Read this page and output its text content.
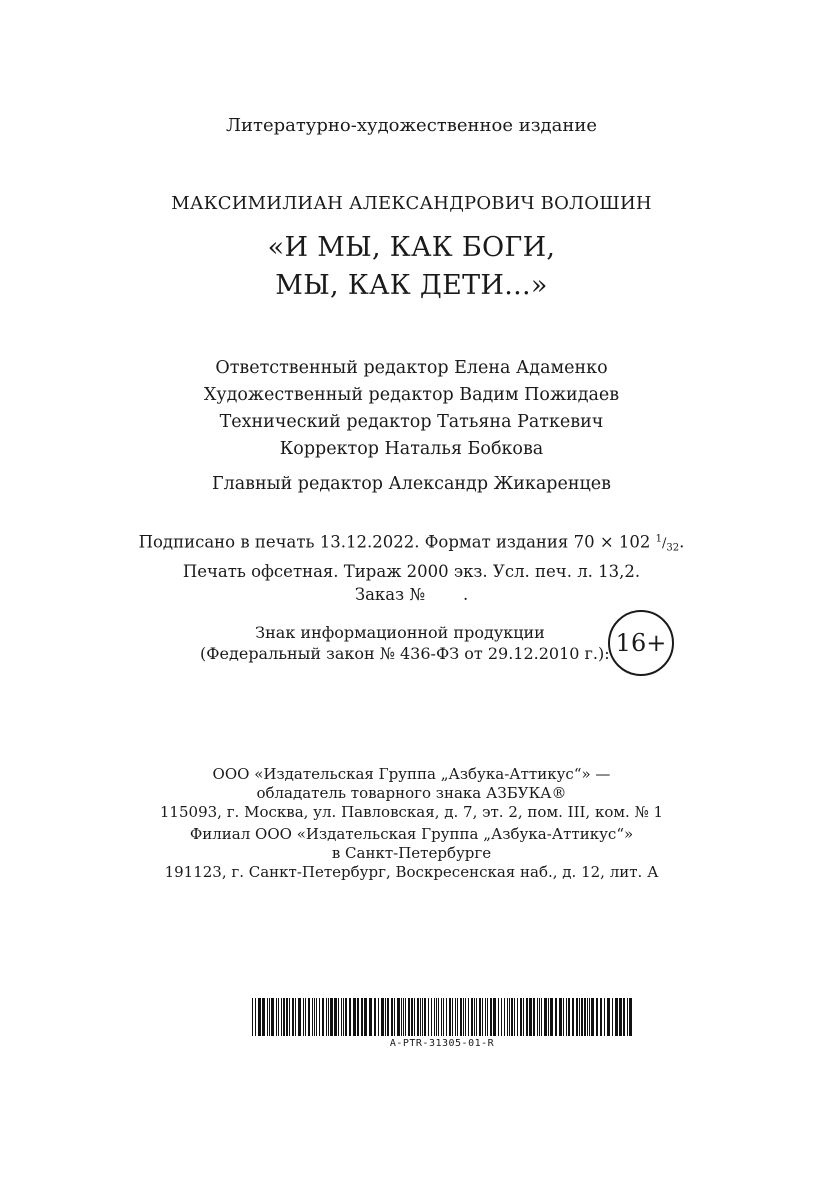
Литературно-художественное издание
МАКСИМИЛИАН АЛЕКСАНДРОВИЧ ВОЛОШИН
«И МЫ, КАК БОГИ,
МЫ, КАК ДЕТИ...»
Ответственный редактор Елена Адаменко
Художественный редактор Вадим Пожидаев
Технический редактор Татьяна Раткевич
Корректор Наталья Бобкова
Главный редактор Александр Жикаренцев
Подписано в печать 13.12.2022. Формат издания 70 × 102 $^1/_{32}$.
Печать офсетная. Тираж 2000 экз. Усл. печ. л. 13,2.
Заказ № .
Знак информационной продукции
(Федеральный закон № 436-ФЗ от 29.12.2010 г.): 16+
ООО «Издательская Группа „Азбука-Аттикус“» —
обладатель товарного знака АЗБУКА®
115093, г. Москва, ул. Павловская, д. 7, эт. 2, пом. III, ком. № 1
Филиал ООО «Издательская Группа „Азбука-Аттикус“»
в Санкт-Петербурге
191123, г. Санкт-Петербург, Воскресенская наб., д. 12, лит. А
A-PTR-31305-01-R
